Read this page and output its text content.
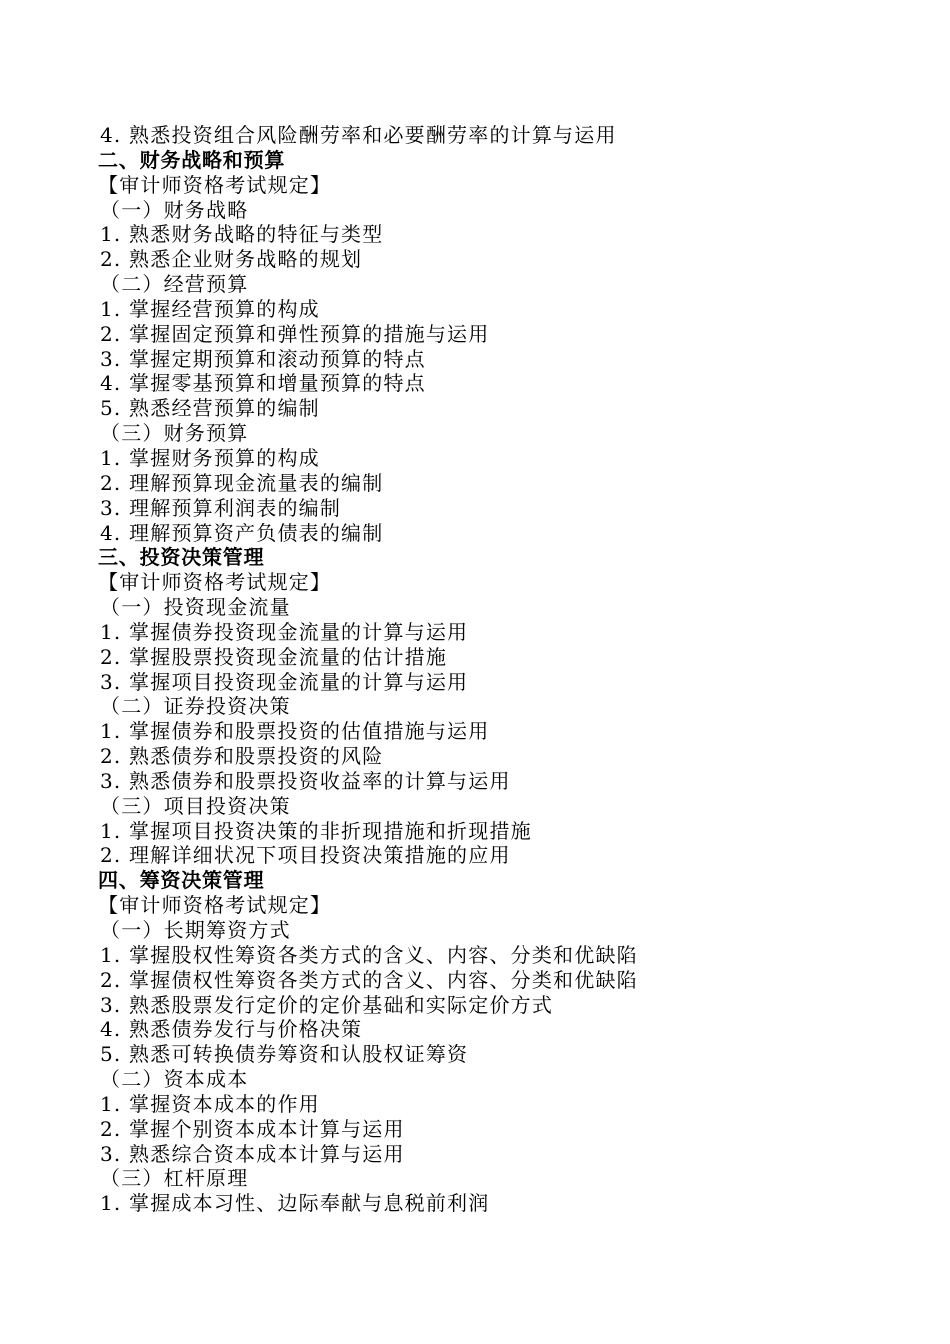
4. 熟悉投资组合风险酬劳率和必要酬劳率的计算与运用
二、财务战略和预算
【审计师资格考试规定】
（一）财务战略
1. 熟悉财务战略的特征与类型
2. 熟悉企业财务战略的规划
（二）经营预算
1. 掌握经营预算的构成
2. 掌握固定预算和弹性预算的措施与运用
3. 掌握定期预算和滚动预算的特点
4. 掌握零基预算和增量预算的特点
5. 熟悉经营预算的编制
（三）财务预算
1. 掌握财务预算的构成
2. 理解预算现金流量表的编制
3. 理解预算利润表的编制
4. 理解预算资产负债表的编制
三、投资决策管理
【审计师资格考试规定】
（一）投资现金流量
1. 掌握债券投资现金流量的计算与运用
2. 掌握股票投资现金流量的估计措施
3. 掌握项目投资现金流量的计算与运用
（二）证券投资决策
1. 掌握债券和股票投资的估值措施与运用
2. 熟悉债券和股票投资的风险
3. 熟悉债券和股票投资收益率的计算与运用
（三）项目投资决策
1. 掌握项目投资决策的非折现措施和折现措施
2. 理解详细状况下项目投资决策措施的应用
四、筹资决策管理
【审计师资格考试规定】
（一）长期筹资方式
1. 掌握股权性筹资各类方式的含义、内容、分类和优缺陷
2. 掌握债权性筹资各类方式的含义、内容、分类和优缺陷
3. 熟悉股票发行定价的定价基础和实际定价方式
4. 熟悉债券发行与价格决策
5. 熟悉可转换债券筹资和认股权证筹资
（二）资本成本
1. 掌握资本成本的作用
2. 掌握个别资本成本计算与运用
3. 熟悉综合资本成本计算与运用
（三）杠杆原理
1. 掌握成本习性、边际奉献与息税前利润
